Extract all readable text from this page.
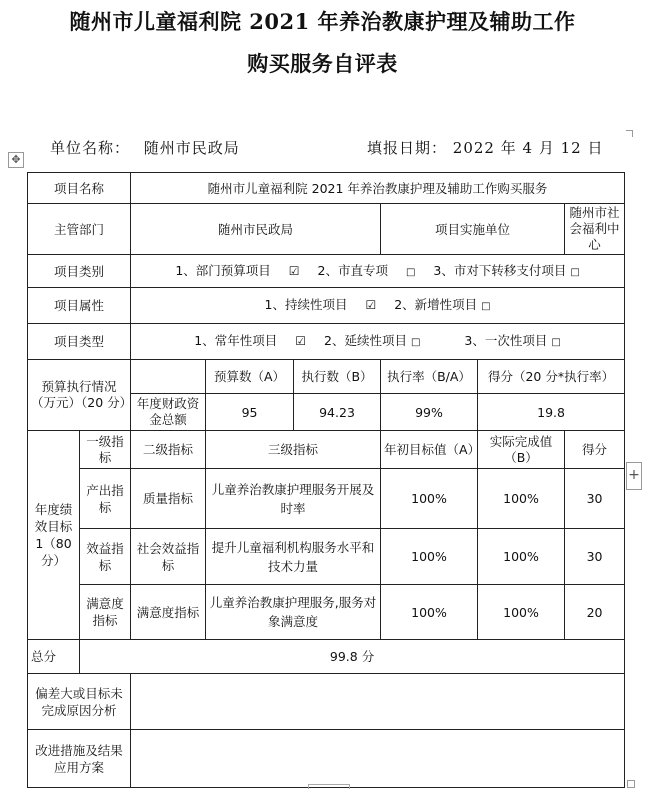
随州市儿童福利院 2021 年养治教康护理及辅助工作
购买服务自评表
单位名称： 随州市民政局	填报日期： 2022 年 4 月 12 日
✥
+
项目名称		随州市儿童福利院 2021 年养治教康护理及辅助工作购买服务					
主管部门		随州市民政局			项目实施单位		随州市社会福利中心
项目类别		1、部门预算项目 ☑ 2、市直专项 □ 3、市对下转移支付项目 □					
项目属性		1、持续性项目 ☑ 2、新增性项目 □					
项目类型		1、常年性项目 ☑ 2、延续性项目 □ 3、一次性项目 □					
预算执行情况（万元）（20 分）			预算数（A）	执行数（B）	执行率（B/A）	得分（20 分*执行率）	
		年度财政资金总额	95	94.23	99%	19.8	
年度绩效目标 1（80 分）	一级指标	二级指标	三级指标		年初目标值（A）	实际完成值（B）	得分
	产出指标	质量指标	儿童养治教康护理服务开展及时率		100%	100%	30
	效益指标	社会效益指标	提升儿童福利机构服务水平和技术力量		100%	100%	30
	满意度指标	满意度指标	儿童养治教康护理服务,服务对象满意度		100%	100%	20
总分	99.8 分						
偏差大或目标未完成原因分析							
改进措施及结果应用方案							
